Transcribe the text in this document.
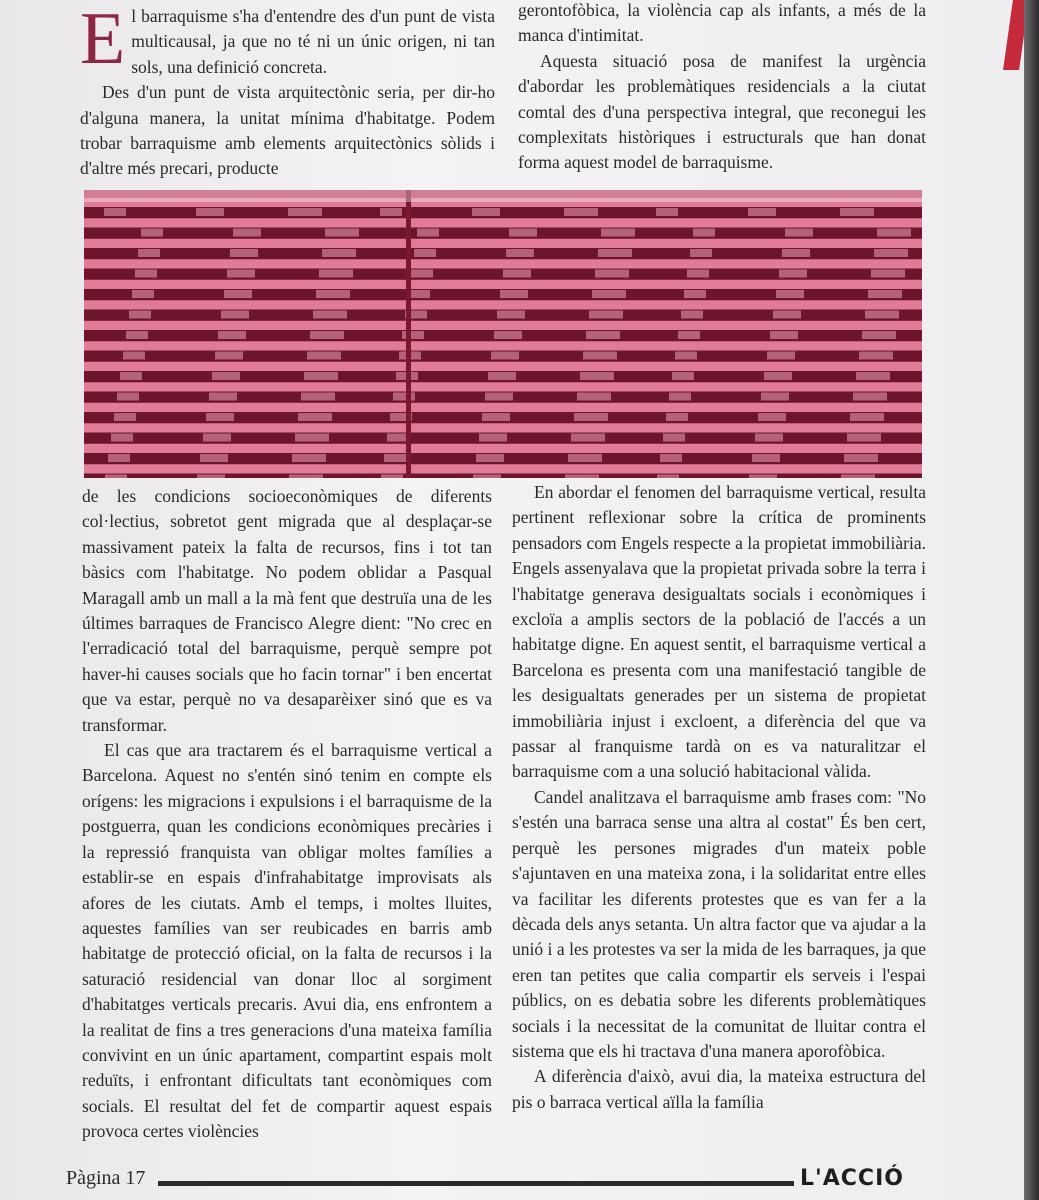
El barraquisme s'ha d'entendre des d'un punt de vista multicausal, ja que no té ni un únic origen, ni tan sols, una definició concreta.

Des d'un punt de vista arquitectònic seria, per dir-ho d'alguna manera, la unitat mínima d'habitatge. Podem trobar barraquisme amb elements arquitectònics sòlids i d'altre més precari, producte

gerontofòbica, la violència cap als infants, a més de la manca d'intimitat.

Aquesta situació posa de manifest la urgència d'abordar les problemàtiques residencials a la ciutat comtal des d'una perspectiva integral, que reconegui les complexitats històriques i estructurals que han donat forma aquest model de barraquisme.

de les condicions socioeconòmiques de diferents col·lectius, sobretot gent migrada que al desplaçar-se massivament pateix la falta de recursos, fins i tot tan bàsics com l'habitatge. No podem oblidar a Pasqual Maragall amb un mall a la mà fent que destruïa una de les últimes barraques de Francisco Alegre dient: "No crec en l'erradicació total del barraquisme, perquè sempre pot haver-hi causes socials que ho facin tornar" i ben encertat que va estar, perquè no va desaparèixer sinó que es va transformar.

El cas que ara tractarem és el barraquisme vertical a Barcelona. Aquest no s'entén sinó tenim en compte els orígens: les migracions i expulsions i el barraquisme de la postguerra, quan les condicions econòmiques precàries i la repressió franquista van obligar moltes famílies a establir-se en espais d'infrahabitatge improvisats als afores de les ciutats. Amb el temps, i moltes lluites, aquestes famílies van ser reubicades en barris amb habitatge de protecció oficial, on la falta de recursos i la saturació residencial van donar lloc al sorgiment d'habitatges verticals precaris. Avui dia, ens enfrontem a la realitat de fins a tres generacions d'una mateixa família convivint en un únic apartament, compartint espais molt reduïts, i enfrontant dificultats tant econòmiques com socials. El resultat del fet de compartir aquest espais provoca certes violències

En abordar el fenomen del barraquisme vertical, resulta pertinent reflexionar sobre la crítica de prominents pensadors com Engels respecte a la propietat immobiliària. Engels assenyalava que la propietat privada sobre la terra i l'habitatge generava desigualtats socials i econòmiques i excloïa a amplis sectors de la població de l'accés a un habitatge digne. En aquest sentit, el barraquisme vertical a Barcelona es presenta com una manifestació tangible de les desigualtats generades per un sistema de propietat immobiliària injust i excloent, a diferència del que va passar al franquisme tardà on es va naturalitzar el barraquisme com a una solució habitacional vàlida.

Candel analitzava el barraquisme amb frases com: "No s'estén una barraca sense una altra al costat" És ben cert, perquè les persones migrades d'un mateix poble s'ajuntaven en una mateixa zona, i la solidaritat entre elles va facilitar les diferents protestes que es van fer a la dècada dels anys setanta. Un altra factor que va ajudar a la unió i a les protestes va ser la mida de les barraques, ja que eren tan petites que calia compartir els serveis i l'espai públics, on es debatia sobre les diferents problemàtiques socials i la necessitat de la comunitat de lluitar contra el sistema que els hi tractava d'una manera aporofòbica.

A diferència d'això, avui dia, la mateixa estructura del pis o barraca vertical aïlla la família

Pàgina 17	L'ACCIÓ
